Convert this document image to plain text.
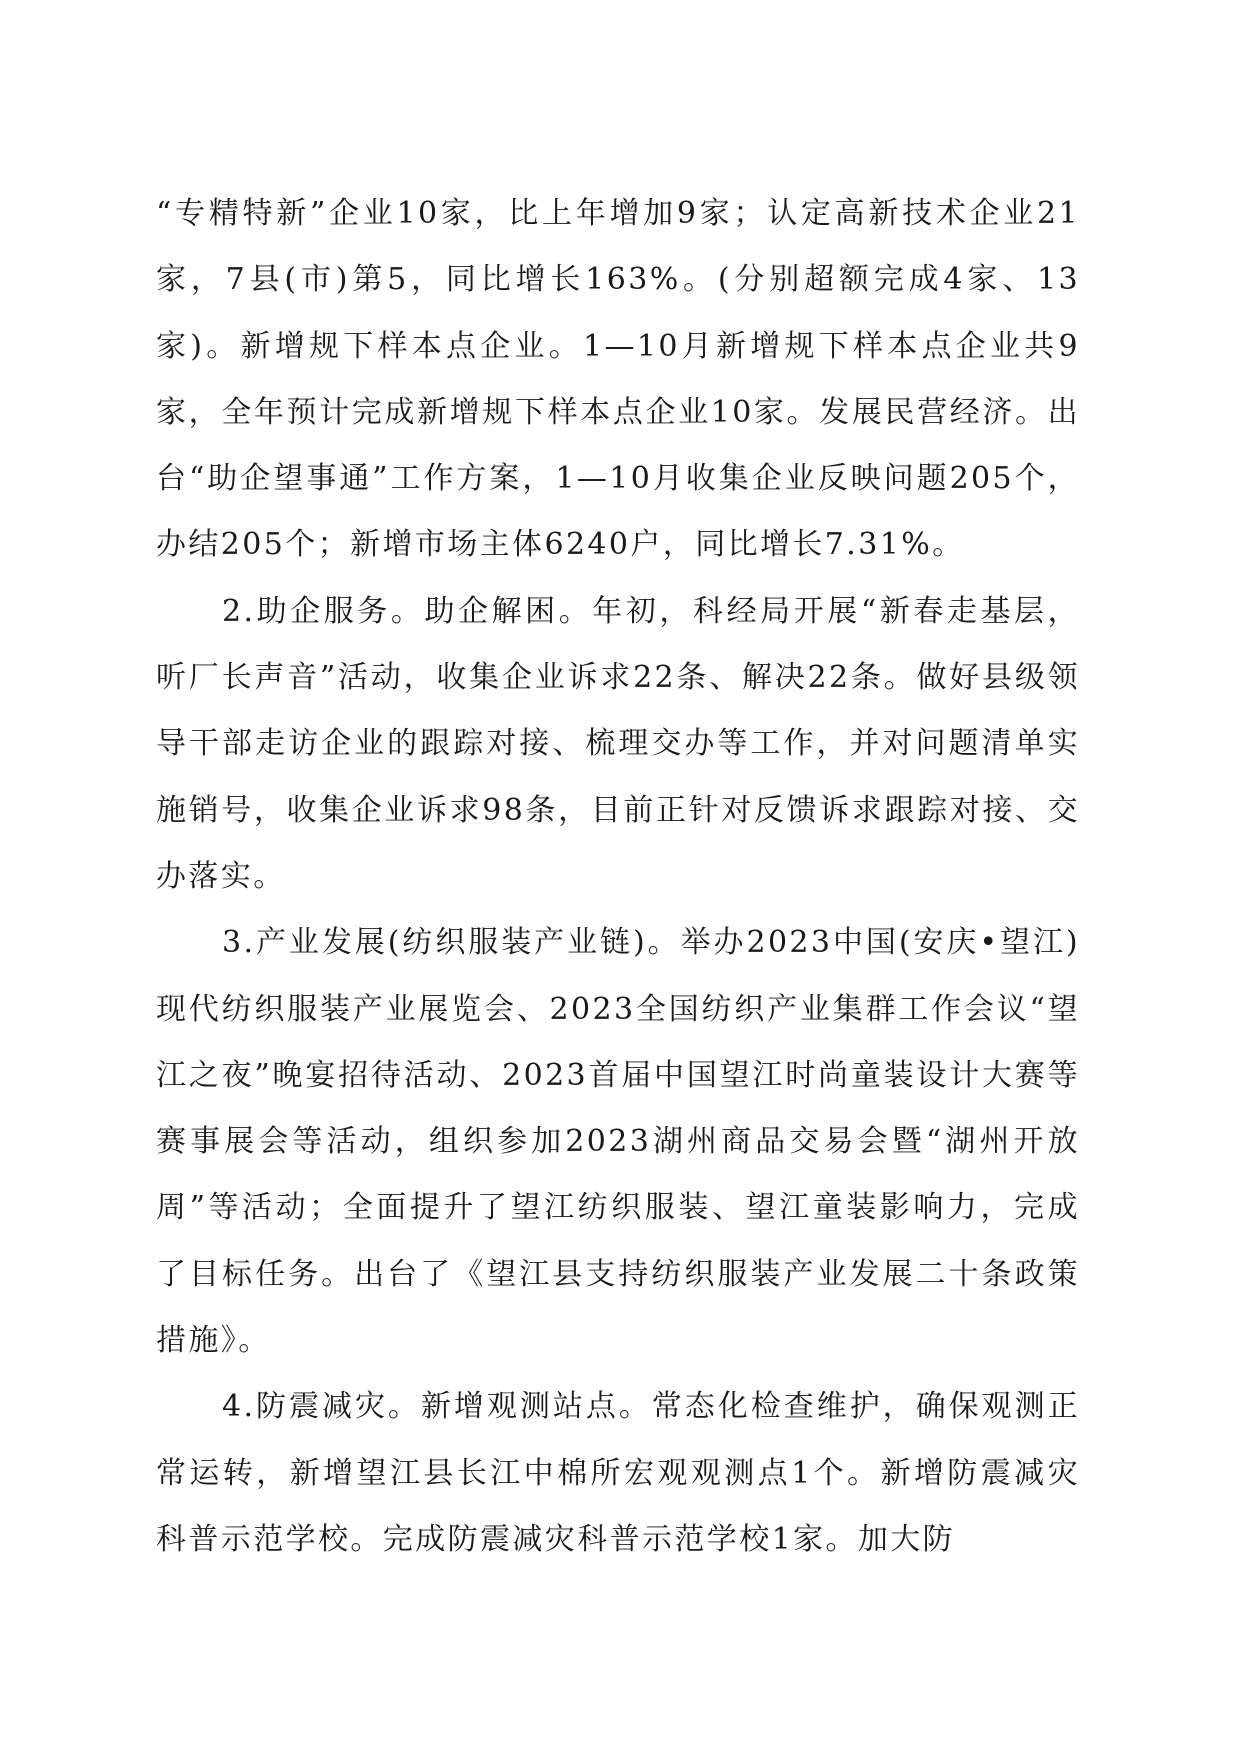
“专精特新”企业10家，比上年增加9家；认定高新技术企业21家，7县(市)第5，同比增长163%。(分别超额完成4家、13家)。新增规下样本点企业。1—10月新增规下样本点企业共9家，全年预计完成新增规下样本点企业10家。发展民营经济。出台“助企望事通”工作方案，1—10月收集企业反映问题205个，办结205个；新增市场主体6240户，同比增长7.31%。

2.助企服务。助企解困。年初，科经局开展“新春走基层，听厂长声音”活动，收集企业诉求22条、解决22条。做好县级领导干部走访企业的跟踪对接、梳理交办等工作，并对问题清单实施销号，收集企业诉求98条，目前正针对反馈诉求跟踪对接、交办落实。

3.产业发展(纺织服装产业链)。举办2023中国(安庆•望江)现代纺织服装产业展览会、2023全国纺织产业集群工作会议“望江之夜”晚宴招待活动、2023首届中国望江时尚童装设计大赛等赛事展会等活动，组织参加2023湖州商品交易会暨“湖州开放周”等活动；全面提升了望江纺织服装、望江童装影响力，完成了目标任务。出台了《望江县支持纺织服装产业发展二十条政策措施》。

4.防震减灾。新增观测站点。常态化检查维护，确保观测正常运转，新增望江县长江中棉所宏观观测点1个。新增防震减灾科普示范学校。完成防震减灾科普示范学校1家。加大防
